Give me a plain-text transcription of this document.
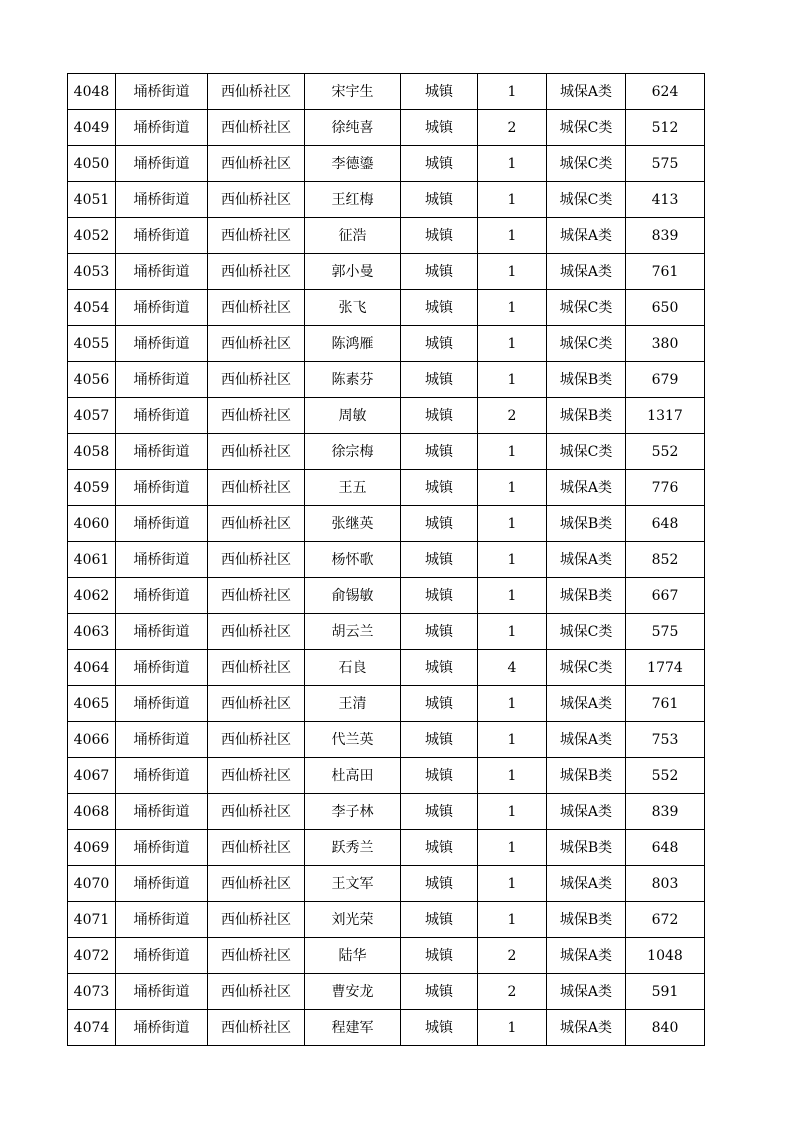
4048	埇桥街道	西仙桥社区	宋宇生	城镇	1	城保A类	624
4049	埇桥街道	西仙桥社区	徐纯喜	城镇	2	城保C类	512
4050	埇桥街道	西仙桥社区	李德鎏	城镇	1	城保C类	575
4051	埇桥街道	西仙桥社区	王红梅	城镇	1	城保C类	413
4052	埇桥街道	西仙桥社区	征浩	城镇	1	城保A类	839
4053	埇桥街道	西仙桥社区	郭小曼	城镇	1	城保A类	761
4054	埇桥街道	西仙桥社区	张飞	城镇	1	城保C类	650
4055	埇桥街道	西仙桥社区	陈鸿雁	城镇	1	城保C类	380
4056	埇桥街道	西仙桥社区	陈素芬	城镇	1	城保B类	679
4057	埇桥街道	西仙桥社区	周敏	城镇	2	城保B类	1317
4058	埇桥街道	西仙桥社区	徐宗梅	城镇	1	城保C类	552
4059	埇桥街道	西仙桥社区	王五	城镇	1	城保A类	776
4060	埇桥街道	西仙桥社区	张继英	城镇	1	城保B类	648
4061	埇桥街道	西仙桥社区	杨怀歌	城镇	1	城保A类	852
4062	埇桥街道	西仙桥社区	俞锡敏	城镇	1	城保B类	667
4063	埇桥街道	西仙桥社区	胡云兰	城镇	1	城保C类	575
4064	埇桥街道	西仙桥社区	石良	城镇	4	城保C类	1774
4065	埇桥街道	西仙桥社区	王清	城镇	1	城保A类	761
4066	埇桥街道	西仙桥社区	代兰英	城镇	1	城保A类	753
4067	埇桥街道	西仙桥社区	杜高田	城镇	1	城保B类	552
4068	埇桥街道	西仙桥社区	李子林	城镇	1	城保A类	839
4069	埇桥街道	西仙桥社区	跃秀兰	城镇	1	城保B类	648
4070	埇桥街道	西仙桥社区	王文军	城镇	1	城保A类	803
4071	埇桥街道	西仙桥社区	刘光荣	城镇	1	城保B类	672
4072	埇桥街道	西仙桥社区	陆华	城镇	2	城保A类	1048
4073	埇桥街道	西仙桥社区	曹安龙	城镇	2	城保A类	591
4074	埇桥街道	西仙桥社区	程建军	城镇	1	城保A类	840
